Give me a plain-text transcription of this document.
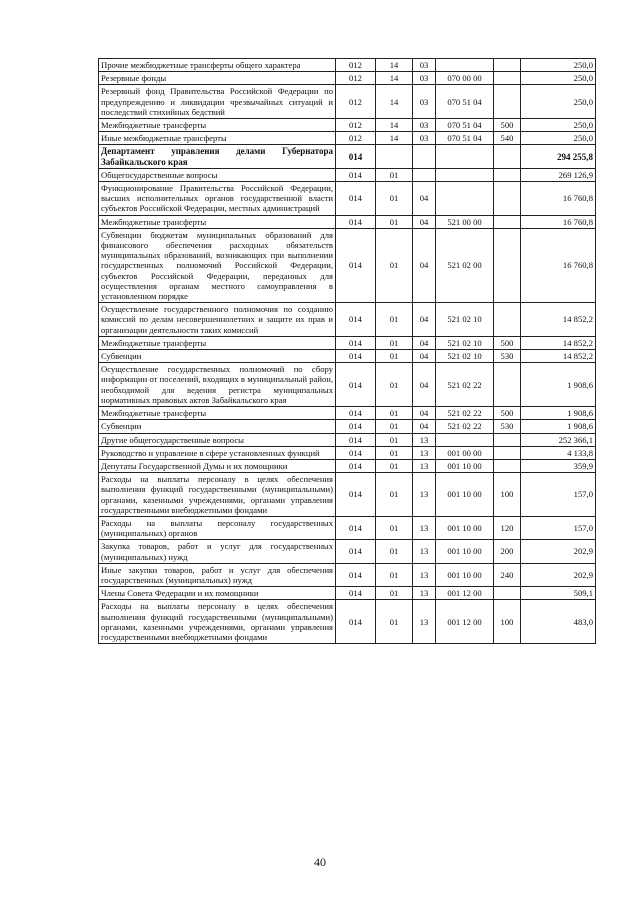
Прочие межбюджетные трансферты общего характера	012	14	03			250,0
Резервные фонды	012	14	03	070 00 00		250,0
Резервный фонд Правительства Российской Федерации по предупреждению и ликвидации чрезвычайных ситуаций и последствий стихийных бедствий	012	14	03	070 51 04		250,0
Межбюджетные трансферты	012	14	03	070 51 04	500	250,0
Иные межбюджетные трансферты	012	14	03	070 51 04	540	250,0
Департамент управления делами Губернатора Забайкальского края	014					294 255,8
Общегосударственные вопросы	014	01				269 126,9
Функционирование Правительства Российской Федерации, высших исполнительных органов государственной власти субъектов Российской Федерации, местных администраций	014	01	04			16 760,8
Межбюджетные трансферты	014	01	04	521 00 00		16 760,8
Субвенции бюджетам муниципальных образований для финансового обеспечения расходных обязательств муниципальных образований, возникающих при выполнении государственных полномочий Российской Федерации, субъектов Российской Федерации, переданных для осуществления органам местного самоуправления в установленном порядке	014	01	04	521 02 00		16 760,8
Осуществление государственного полномочия по созданию комиссий по делам несовершеннолетних и защите их прав и организации деятельности таких комиссий	014	01	04	521 02 10		14 852,2
Межбюджетные трансферты	014	01	04	521 02 10	500	14 852,2
Субвенции	014	01	04	521 02 10	530	14 852,2
Осуществление государственных полномочий по сбору информации от поселений, входящих в муниципальный район, необходимой для ведения регистра муниципальных нормативных правовых актов Забайкальского края	014	01	04	521 02 22		1 908,6
Межбюджетные трансферты	014	01	04	521 02 22	500	1 908,6
Субвенции	014	01	04	521 02 22	530	1 908,6
Другие общегосударственные вопросы	014	01	13			252 366,1
Руководство и управление в сфере установленных функций	014	01	13	001 00 00		4 133,8
Депутаты Государственной Думы и их помощники	014	01	13	001 10 00		359,9
Расходы на выплаты персоналу в целях обеспечения выполнения функций государственными (муниципальными) органами, казенными учреждениями, органами управления государственными внебюджетными фондами	014	01	13	001 10 00	100	157,0
Расходы на выплаты персоналу государственных (муниципальных) органов	014	01	13	001 10 00	120	157,0
Закупка товаров, работ и услуг для государственных (муниципальных) нужд	014	01	13	001 10 00	200	202,9
Иные закупки товаров, работ и услуг для обеспечения государственных (муниципальных) нужд	014	01	13	001 10 00	240	202,9
Члены Совета Федерации и их помощники	014	01	13	001 12 00		509,1
Расходы на выплаты персоналу в целях обеспечения выполнения функций государственными (муниципальными) органами, казенными учреждениями, органами управления государственными внебюджетными фондами	014	01	13	001 12 00	100	483,0
40
